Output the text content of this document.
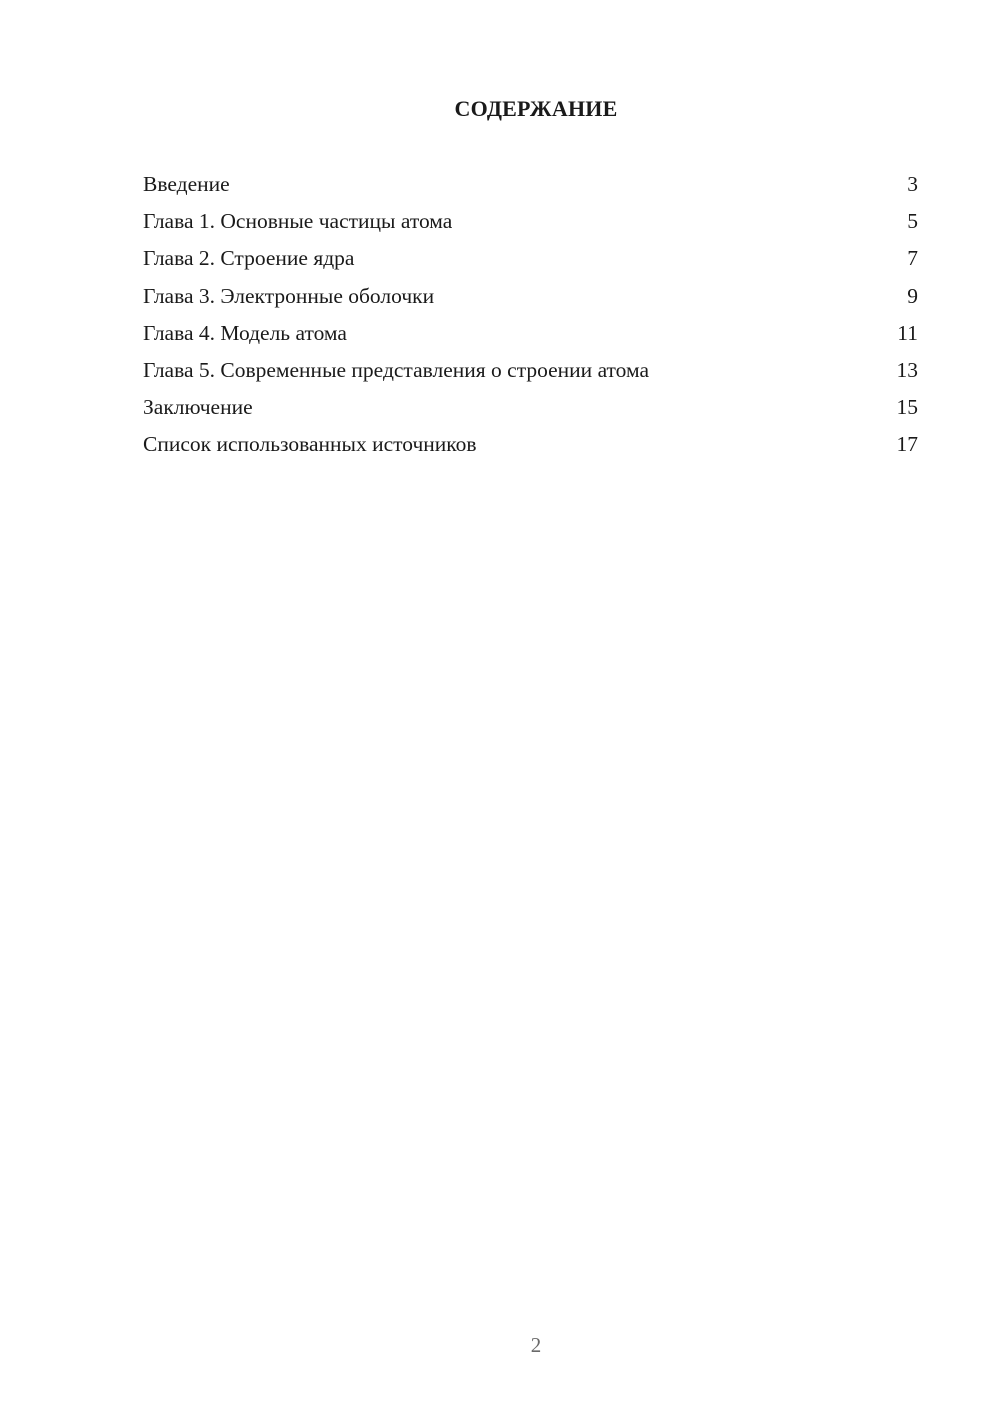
СОДЕРЖАНИЕ
Введение	3
Глава 1. Основные частицы атома	5
Глава 2. Строение ядра	7
Глава 3. Электронные оболочки	9
Глава 4. Модель атома	11
Глава 5. Современные представления о строении атома	13
Заключение	15
Список использованных источников	17

2
